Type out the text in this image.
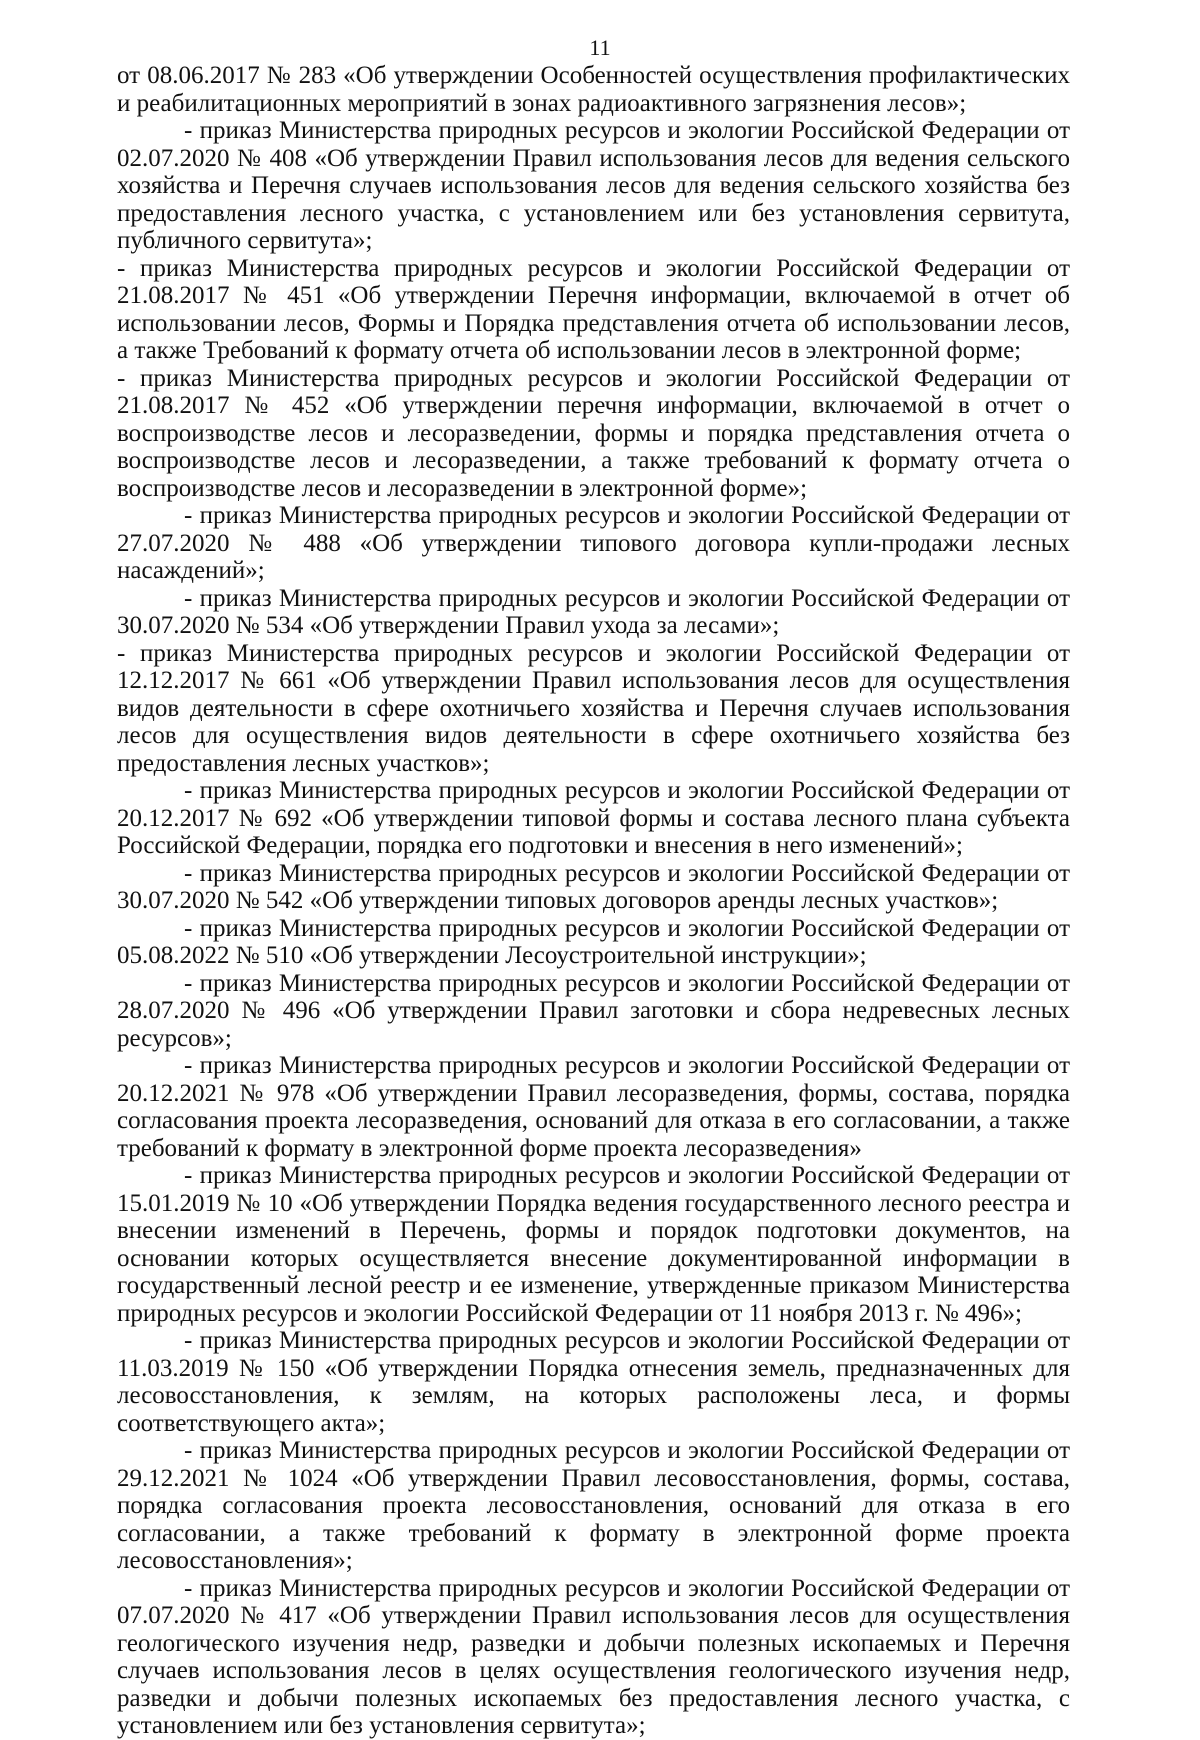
11

от 08.06.2017 № 283 «Об утверждении Особенностей осуществления профилактических и реабилитационных мероприятий в зонах радиоактивного загрязнения лесов»;

- приказ Министерства природных ресурсов и экологии Российской Федерации от 02.07.2020 № 408 «Об утверждении Правил использования лесов для ведения сельского хозяйства и Перечня случаев использования лесов для ведения сельского хозяйства без предоставления лесного участка, с установлением или без установления сервитута, публичного сервитута»;

- приказ Министерства природных ресурсов и экологии Российской Федерации от 21.08.2017 № 451 «Об утверждении Перечня информации, включаемой в отчет об использовании лесов, Формы и Порядка представления отчета об использовании лесов, а также Требований к формату отчета об использовании лесов в электронной форме;

- приказ Министерства природных ресурсов и экологии Российской Федерации от 21.08.2017 № 452 «Об утверждении перечня информации, включаемой в отчет о воспроизводстве лесов и лесоразведении, формы и порядка представления отчета о воспроизводстве лесов и лесоразведении, а также требований к формату отчета о воспроизводстве лесов и лесоразведении в электронной форме»;

- приказ Министерства природных ресурсов и экологии Российской Федерации от 27.07.2020 № 488 «Об утверждении типового договора купли-продажи лесных насаждений»;

- приказ Министерства природных ресурсов и экологии Российской Федерации от 30.07.2020 № 534 «Об утверждении Правил ухода за лесами»;

- приказ Министерства природных ресурсов и экологии Российской Федерации от 12.12.2017 № 661 «Об утверждении Правил использования лесов для осуществления видов деятельности в сфере охотничьего хозяйства и Перечня случаев использования лесов для осуществления видов деятельности в сфере охотничьего хозяйства без предоставления лесных участков»;

- приказ Министерства природных ресурсов и экологии Российской Федерации от 20.12.2017 № 692 «Об утверждении типовой формы и состава лесного плана субъекта Российской Федерации, порядка его подготовки и внесения в него изменений»;

- приказ Министерства природных ресурсов и экологии Российской Федерации от 30.07.2020 № 542 «Об утверждении типовых договоров аренды лесных участков»;

- приказ Министерства природных ресурсов и экологии Российской Федерации от 05.08.2022 № 510 «Об утверждении Лесоустроительной инструкции»;

- приказ Министерства природных ресурсов и экологии Российской Федерации от 28.07.2020 № 496 «Об утверждении Правил заготовки и сбора недревесных лесных ресурсов»;

- приказ Министерства природных ресурсов и экологии Российской Федерации от 20.12.2021 № 978 «Об утверждении Правил лесоразведения, формы, состава, порядка согласования проекта лесоразведения, оснований для отказа в его согласовании, а также требований к формату в электронной форме проекта лесоразведения»

- приказ Министерства природных ресурсов и экологии Российской Федерации от 15.01.2019 № 10 «Об утверждении Порядка ведения государственного лесного реестра и внесении изменений в Перечень, формы и порядок подготовки документов, на основании которых осуществляется внесение документированной информации в государственный лесной реестр и ее изменение, утвержденные приказом Министерства природных ресурсов и экологии Российской Федерации от 11 ноября 2013 г. № 496»;

- приказ Министерства природных ресурсов и экологии Российской Федерации от 11.03.2019 № 150 «Об утверждении Порядка отнесения земель, предназначенных для лесовосстановления, к землям, на которых расположены леса, и формы соответствующего акта»;

- приказ Министерства природных ресурсов и экологии Российской Федерации от 29.12.2021 № 1024 «Об утверждении Правил лесовосстановления, формы, состава, порядка согласования проекта лесовосстановления, оснований для отказа в его согласовании, а также требований к формату в электронной форме проекта лесовосстановления»;

- приказ Министерства природных ресурсов и экологии Российской Федерации от 07.07.2020 № 417 «Об утверждении Правил использования лесов для осуществления геологического изучения недр, разведки и добычи полезных ископаемых и Перечня случаев использования лесов в целях осуществления геологического изучения недр, разведки и добычи полезных ископаемых без предоставления лесного участка, с установлением или без установления сервитута»;
